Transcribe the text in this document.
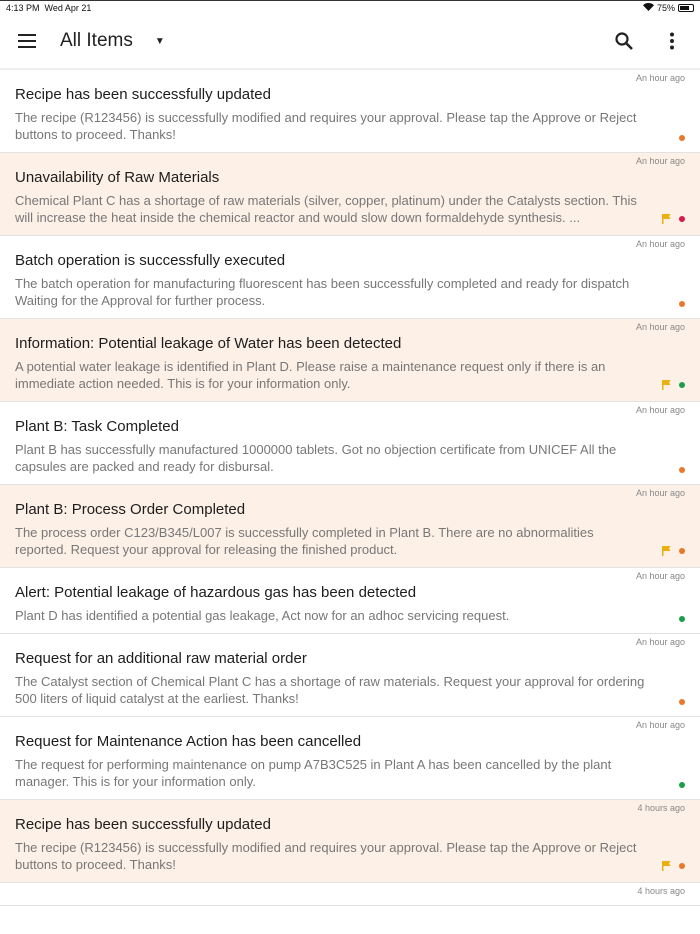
4:13 PM Wed Apr 21	75%
All Items ▼
An hour ago
Recipe has been successfully updated

The recipe (R123456) is successfully modified and requires your approval. Please tap the Approve or Reject buttons to proceed. Thanks!

An hour ago
Unavailability of Raw Materials

Chemical Plant C has a shortage of raw materials (silver, copper, platinum) under the Catalysts section. This will increase the heat inside the chemical reactor and would slow down formaldehyde synthesis. ...

An hour ago
Batch operation is successfully executed

The batch operation for manufacturing fluorescent has been successfully completed and ready for dispatch Waiting for the Approval for further process.

An hour ago
Information: Potential leakage of Water has been detected

A potential water leakage is identified in Plant D. Please raise a maintenance request only if there is an immediate action needed. This is for your information only.

An hour ago
Plant B: Task Completed

Plant B has successfully manufactured 1000000 tablets. Got no objection certificate from UNICEF All the capsules are packed and ready for disbursal.

An hour ago
Plant B: Process Order Completed

The process order C123/B345/L007 is successfully completed in Plant B. There are no abnormalities reported. Request your approval for releasing the finished product.

An hour ago
Alert: Potential leakage of hazardous gas has been detected

Plant D has identified a potential gas leakage, Act now for an adhoc servicing request.

An hour ago
Request for an additional raw material order

The Catalyst section of Chemical Plant C has a shortage of raw materials. Request your approval for ordering 500 liters of liquid catalyst at the earliest. Thanks!

An hour ago
Request for Maintenance Action has been cancelled

The request for performing maintenance on pump A7B3C525 in Plant A has been cancelled by the plant manager. This is for your information only.

4 hours ago
Recipe has been successfully updated

The recipe (R123456) is successfully modified and requires your approval. Please tap the Approve or Reject buttons to proceed. Thanks!

4 hours ago
